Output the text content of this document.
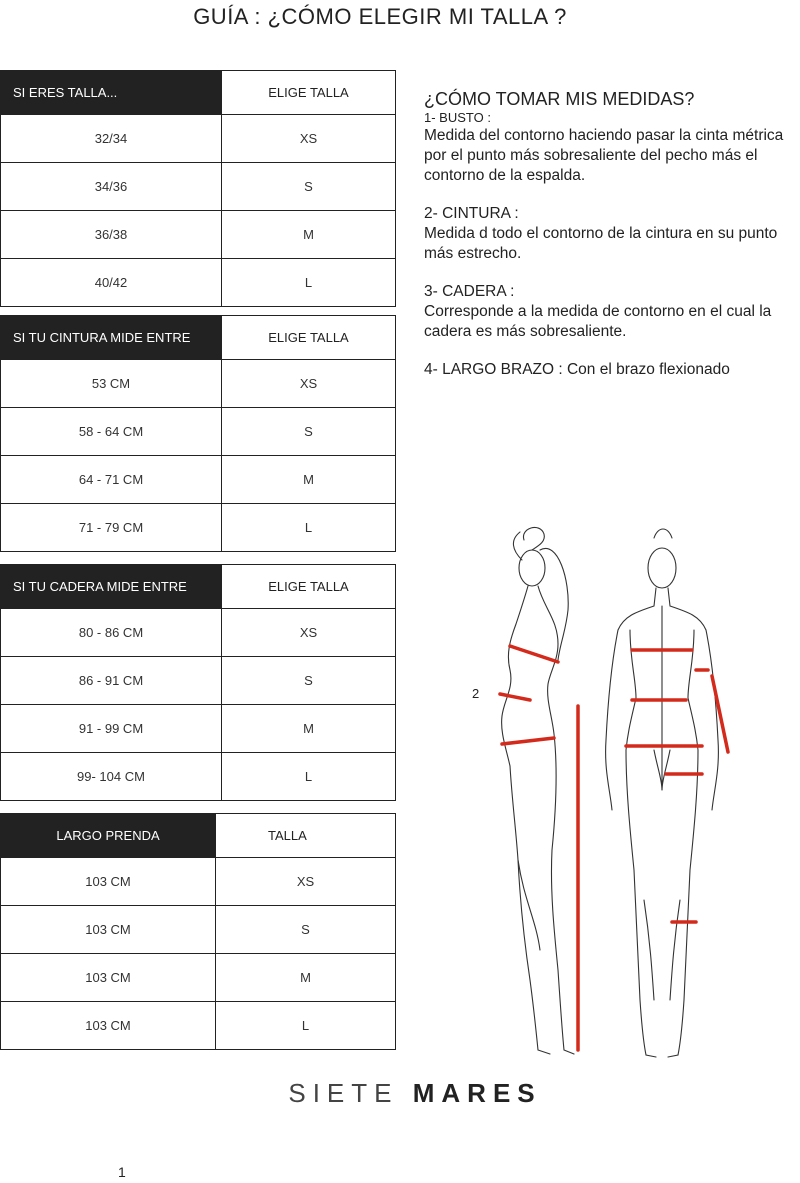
GUÍA : ¿CÓMO ELEGIR MI TALLA ?
SI ERES TALLA...	ELIGE TALLA
32/34	XS
34/36	S
36/38	M
40/42	L
SI TU CINTURA MIDE ENTRE	ELIGE TALLA
53 CM	XS
58 - 64 CM	S
64 - 71 CM	M
71 - 79 CM	L
SI TU CADERA MIDE ENTRE	ELIGE TALLA
80 - 86 CM	XS
86 - 91 CM	S
91 - 99 CM	M
99- 104 CM	L
LARGO PRENDA	TALLA
103 CM	XS
103 CM	S
103 CM	M
103 CM	L

¿CÓMO TOMAR MIS MEDIDAS?

1- BUSTO :

Medida del contorno haciendo pasar la cinta métrica por el punto más sobresaliente del pecho más el contorno de la espalda.

2- CINTURA :

Medida d todo el contorno de la cintura en su punto más estrecho.

3- CADERA :

Corresponde a la medida de contorno en el cual la cadera es más sobresaliente.

4- LARGO BRAZO : Con el brazo flexionado

2
SIETE MARES
1
